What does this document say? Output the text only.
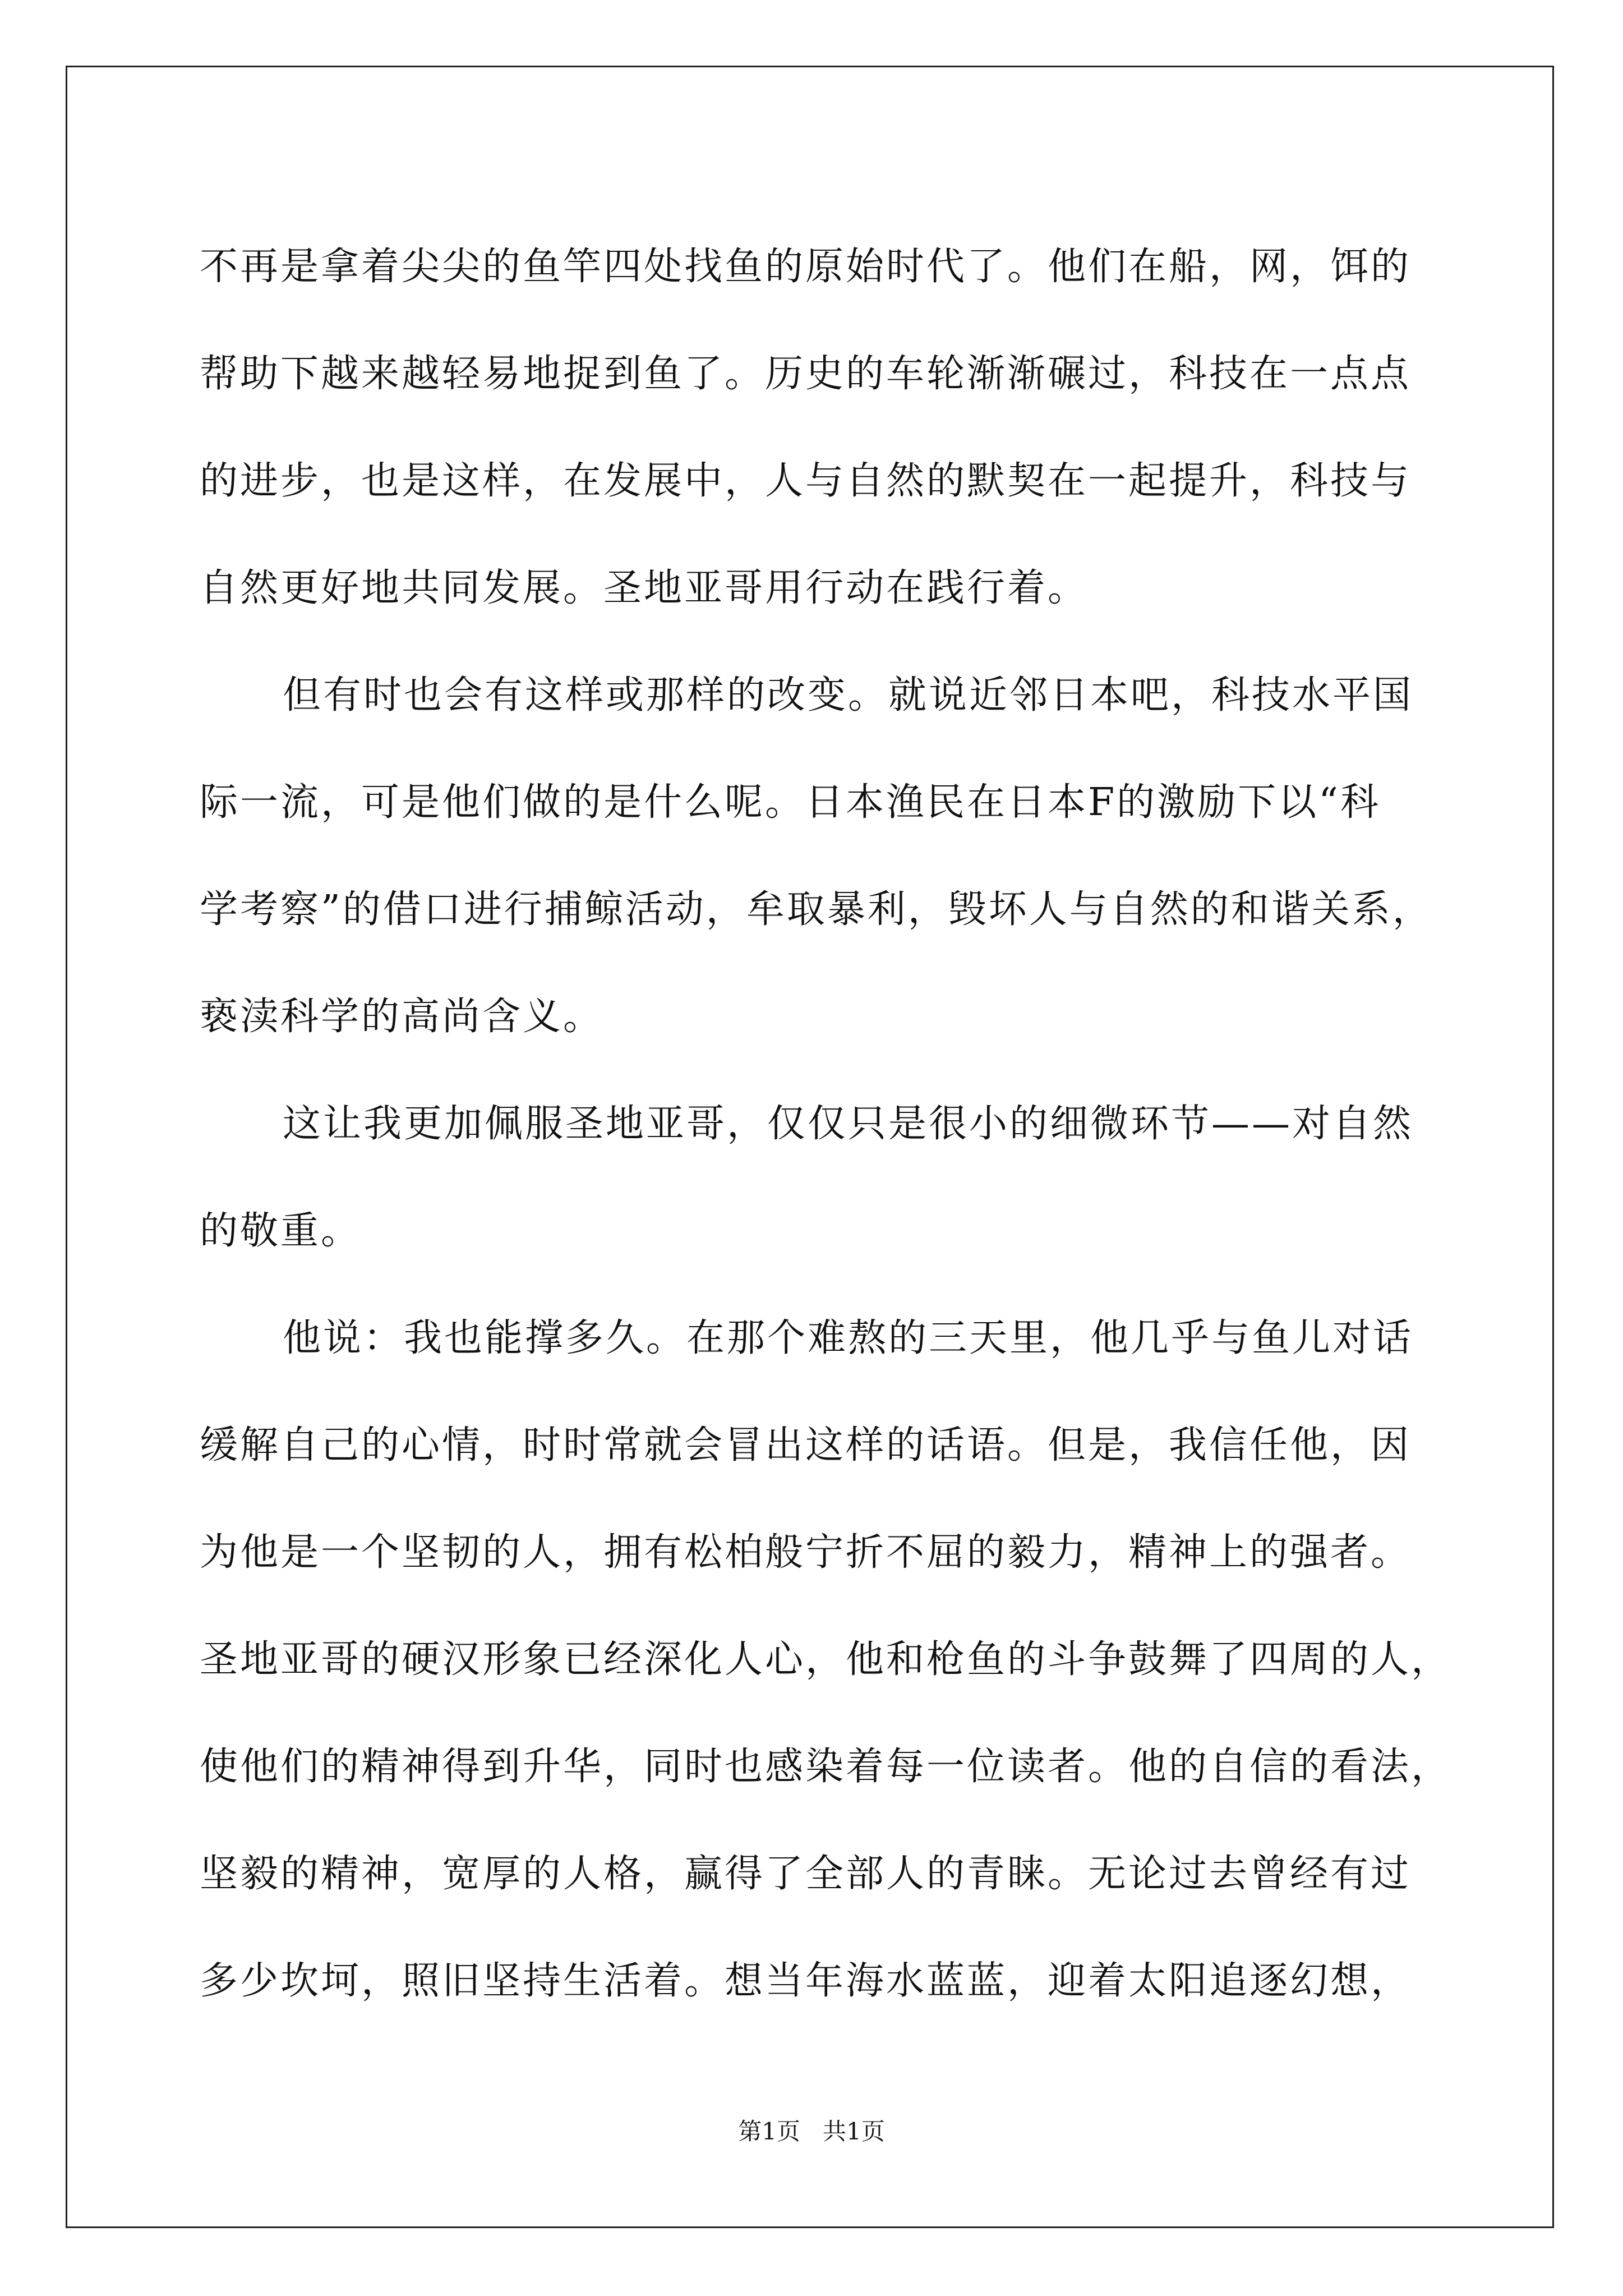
不再是拿着尖尖的鱼竿四处找鱼的原始时代了。他们在船，网，饵的
帮助下越来越轻易地捉到鱼了。历史的车轮渐渐碾过，科技在一点点
的进步，也是这样，在发展中，人与自然的默契在一起提升，科技与
自然更好地共同发展。圣地亚哥用行动在践行着。
但有时也会有这样或那样的改变。就说近邻日本吧，科技水平国
际一流，可是他们做的是什么呢。日本渔民在日本F的激励下以“科
学考察”的借口进行捕鲸活动，牟取暴利，毁坏人与自然的和谐关系，
亵渎科学的高尚含义。
这让我更加佩服圣地亚哥，仅仅只是很小的细微环节——对自然
的敬重。
他说：我也能撑多久。在那个难熬的三天里，他几乎与鱼儿对话
缓解自己的心情，时时常就会冒出这样的话语。但是，我信任他，因
为他是一个坚韧的人，拥有松柏般宁折不屈的毅力，精神上的强者。
圣地亚哥的硬汉形象已经深化人心，他和枪鱼的斗争鼓舞了四周的人，
使他们的精神得到升华，同时也感染着每一位读者。他的自信的看法，
坚毅的精神，宽厚的人格，赢得了全部人的青睐。无论过去曾经有过
多少坎坷，照旧坚持生活着。想当年海水蓝蓝，迎着太阳追逐幻想，
第1页 共1页
